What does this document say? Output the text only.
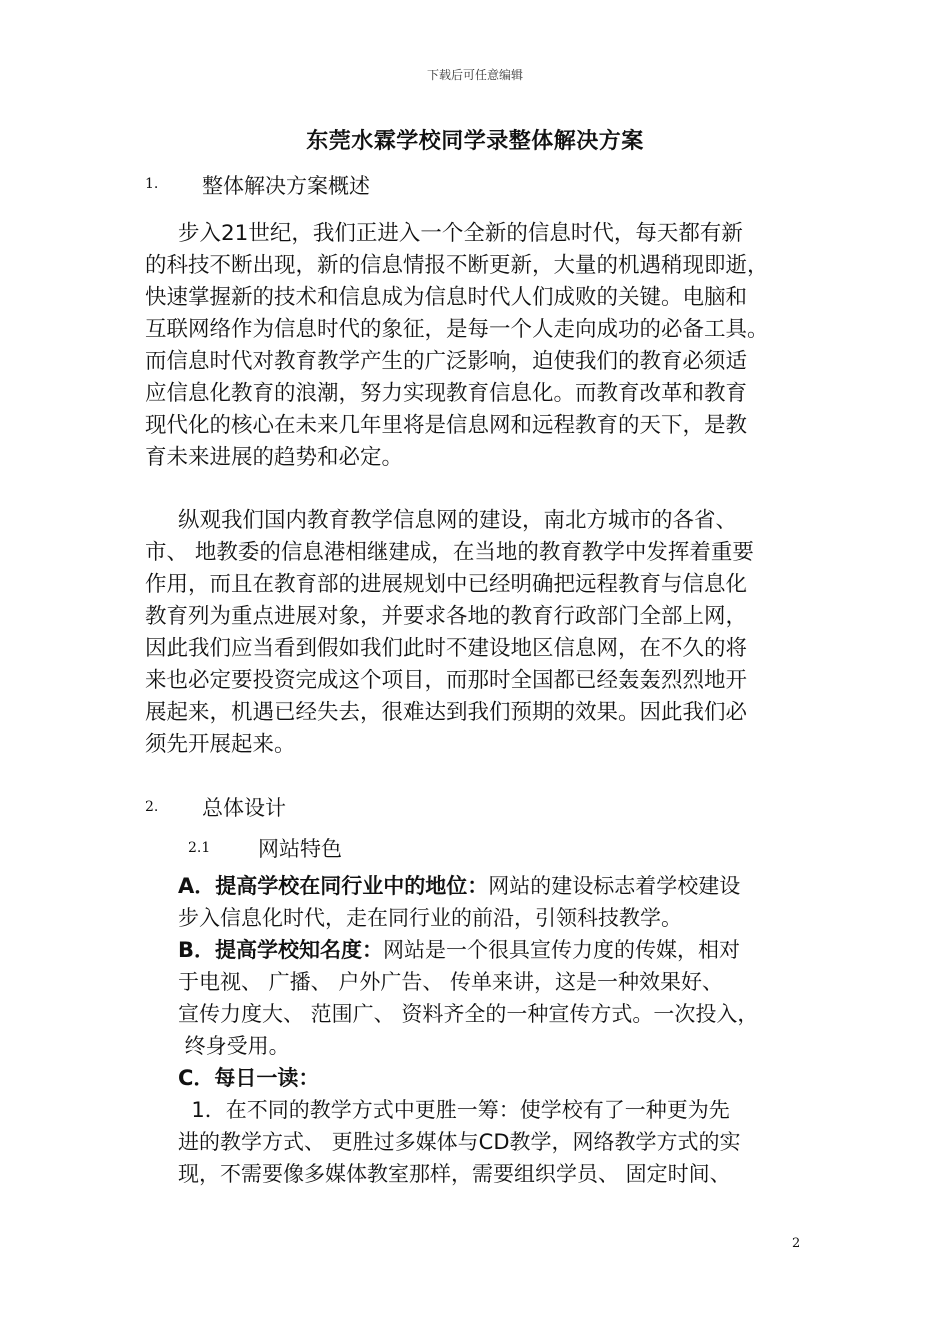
下载后可任意编辑
东莞水霖学校同学录整体解决方案
1. 整体解决方案概述
步入21世纪，我们正进入一个全新的信息时代，每天都有新
的科技不断出现，新的信息情报不断更新，大量的机遇稍现即逝，
快速掌握新的技术和信息成为信息时代人们成败的关键。电脑和
互联网络作为信息时代的象征，是每一个人走向成功的必备工具。
而信息时代对教育教学产生的广泛影响，迫使我们的教育必须适
应信息化教育的浪潮，努力实现教育信息化。而教育改革和教育
现代化的核心在未来几年里将是信息网和远程教育的天下，是教
育未来进展的趋势和必定。
纵观我们国内教育教学信息网的建设，南北方城市的各省、
市、 地教委的信息港相继建成，在当地的教育教学中发挥着重要
作用，而且在教育部的进展规划中已经明确把远程教育与信息化
教育列为重点进展对象，并要求各地的教育行政部门全部上网，
因此我们应当看到假如我们此时不建设地区信息网，在不久的将
来也必定要投资完成这个项目，而那时全国都已经轰轰烈烈地开
展起来，机遇已经失去，很难达到我们预期的效果。因此我们必
须先开展起来。
2. 总体设计
2.1 网站特色
A．提高学校在同行业中的地位：网站的建设标志着学校建设
步入信息化时代，走在同行业的前沿，引领科技教学。
B．提高学校知名度：网站是一个很具宣传力度的传媒，相对
于电视、 广播、 户外广告、 传单来讲，这是一种效果好、
宣传力度大、 范围广、 资料齐全的一种宣传方式。一次投入，
终身受用。
C．每日一读：
1．在不同的教学方式中更胜一筹：使学校有了一种更为先
进的教学方式、 更胜过多媒体与CD教学，网络教学方式的实
现，不需要像多媒体教室那样，需要组织学员、 固定时间、
2
